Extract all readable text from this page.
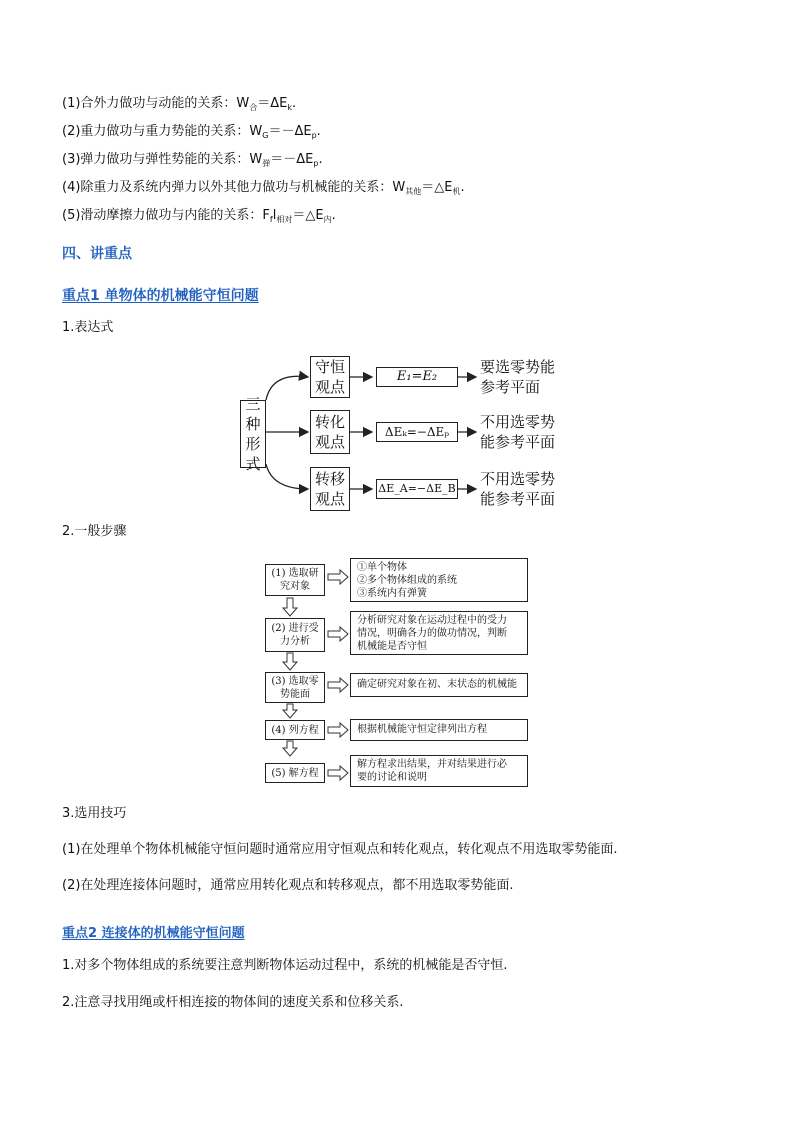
(1)合外力做功与动能的关系：$W_合=\Delta E_k$.
(2)重力做功与重力势能的关系：$W_G=-\Delta E_p$.
(3)弹力做功与弹性势能的关系：$W_弹=-\Delta E_p$.
(4)除重力及系统内弹力以外其他力做功与机械能的关系：$W_{其他}=\triangle E_机$.
(5)滑动摩擦力做功与内能的关系：$F_fl_{相对}=\triangle E_内$.
四、讲重点
重点1 单物体的机械能守恒问题
1.表达式
三
种
形
式
守恒
观点
E₁=E₂
要选零势能
参考平面
转化
观点
ΔEₖ=−ΔEₚ
不用选零势
能参考平面
转移
观点
ΔE_A=−ΔE_B
不用选零势
能参考平面
2.一般步骤
(1) 选取研
究对象
(2) 进行受
力分析
(3) 选取零
势能面
(4) 列方程
(5) 解方程
①单个物体
②多个物体组成的系统
③系统内有弹簧
分析研究对象在运动过程中的受力
情况，明确各力的做功情况，判断
机械能是否守恒
确定研究对象在初、末状态的机械能
根据机械能守恒定律列出方程
解方程求出结果，并对结果进行必
要的讨论和说明
3.选用技巧
(1)在处理单个物体机械能守恒问题时通常应用守恒观点和转化观点，转化观点不用选取零势能面.
(2)在处理连接体问题时，通常应用转化观点和转移观点，都不用选取零势能面.
重点2 连接体的机械能守恒问题
1.对多个物体组成的系统要注意判断物体运动过程中，系统的机械能是否守恒.
2.注意寻找用绳或杆相连接的物体间的速度关系和位移关系.
